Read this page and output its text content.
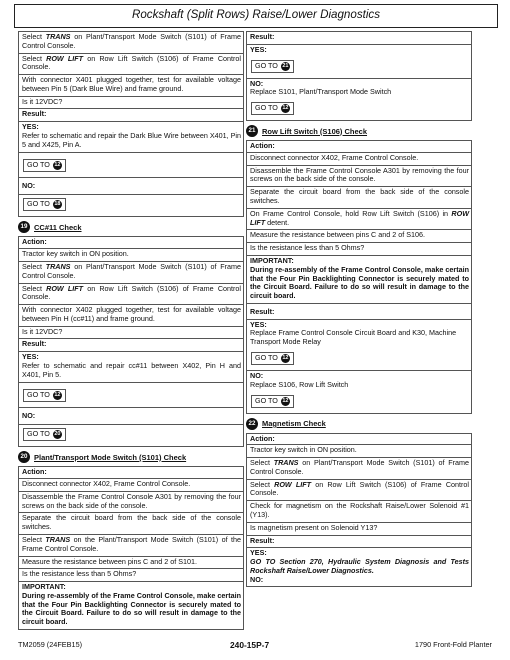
Rockshaft (Split Rows) Raise/Lower Diagnostics
Select TRANS on Plant/Transport Mode Switch (S101) of Frame Control Console.
Select ROW LIFT on Row Lift Switch (S106) of Frame Control Console.
With connector X401 plugged together, test for available voltage between Pin 5 (Dark Blue Wire) and frame ground.
Is it 12VDC?
Result:
YES:
Refer to schematic and repair the Dark Blue Wire between X401, Pin 5 and X425, Pin A.
GO TO 12
NO:
GO TO 18
19 CC#11 Check
Action:
Tractor key switch in ON position.
Select TRANS on Plant/Transport Mode Switch (S101) of Frame Control Console.
Select ROW LIFT on Row Lift Switch (S106) of Frame Control Console.
With connector X402 plugged together, test for available voltage between Pin H (cc#11) and frame ground.
Is it 12VDC?
Result:
YES:
Refer to schematic and repair cc#11 between X402, Pin H and X401, Pin 5.
GO TO 12
NO:
GO TO 20
20 Plant/Transport Mode Switch (S101) Check
Action:
Disconnect connector X402, Frame Control Console.
Disassemble the Frame Control Console A301 by removing the four screws on the back side of the console.
Separate the circuit board from the back side of the console switches.
Select TRANS on the Plant/Transport Mode Switch (S101) of the Frame Control Console.
Measure the resistance between pins C and 2 of S101.
Is the resistance less than 5 Ohms?
IMPORTANT:
During re-assembly of the Frame Control Console, make certain that the Four Pin Backlighting Connector is securely mated to the Circuit Board. Failure to do so will result in damage to the circuit board.
Result:
YES:
GO TO 21
NO:
Replace S101, Plant/Transport Mode Switch
GO TO 12
21 Row Lift Switch (S106) Check
Action:
Disconnect connector X402, Frame Control Console.
Disassemble the Frame Control Console A301 by removing the four screws on the back side of the console.
Separate the circuit board from the back side of the console switches.
On Frame Control Console, hold Row Lift Switch (S106) in ROW LIFT detent.
Measure the resistance between pins C and 2 of S106.
Is the resistance less than 5 Ohms?
IMPORTANT:
During re-assembly of the Frame Control Console, make certain that the Four Pin Backlighting Connector is securely mated to the Circuit Board. Failure to do so will result in damage to the circuit board.
Result:
YES:
Replace Frame Control Console Circuit Board and K30, Machine Transport Mode Relay
GO TO 12
NO:
Replace S106, Row Lift Switch
GO TO 12
22 Magnetism Check
Action:
Tractor key switch in ON position.
Select TRANS on Plant/Transport Mode Switch (S101) of Frame Control Console.
Select ROW LIFT on Row Lift Switch (S106) of Frame Control Console.
Check for magnetism on the Rockshaft Raise/Lower Solenoid #1 (Y13).
Is magnetism present on Solenoid Y13?
Result:
YES:
GO TO Section 270, Hydraulic System Diagnosis and Tests Rockshaft Raise/Lower Diagnostics.
NO:
TM2059 (24FEB15)	240-15P-7	1790 Front-Fold Planter
